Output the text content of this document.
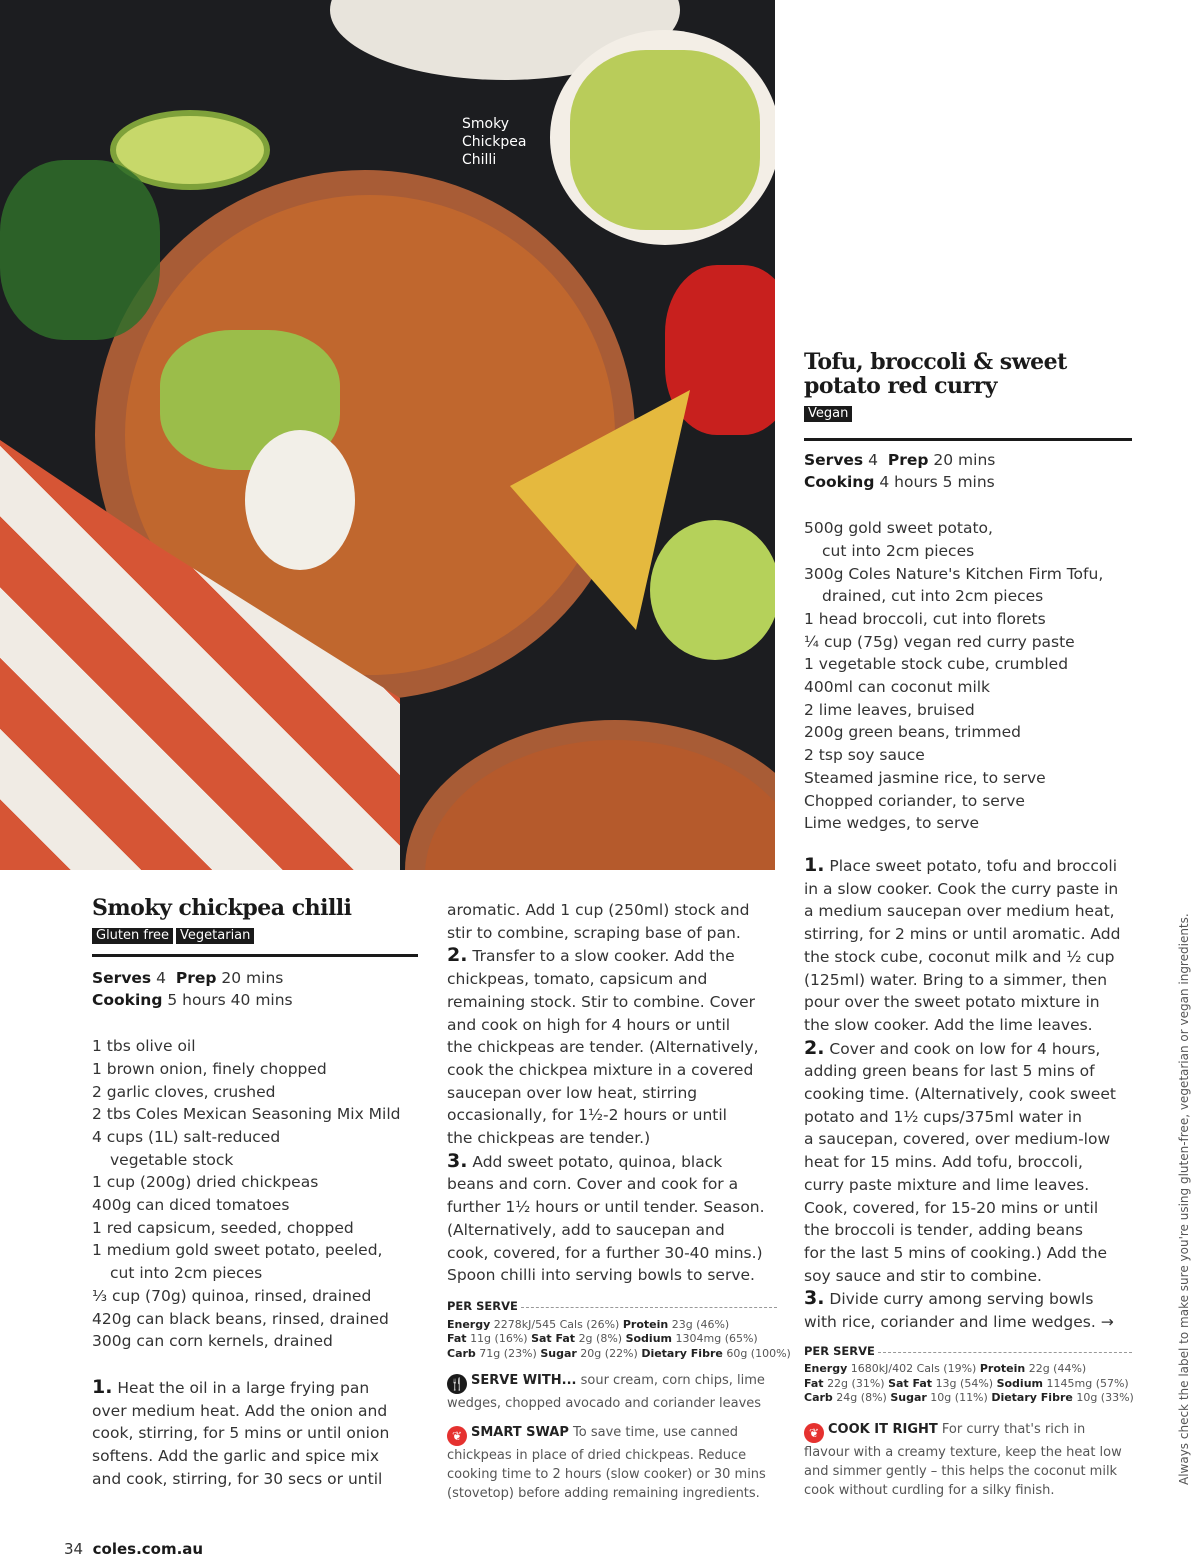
Smoky
Chickpea
Chilli
Tofu, broccoli & sweet
potato red curry
Vegan
Serves 4 Prep 20 mins
Cooking 4 hours 5 mins
500g gold sweet potato,
cut into 2cm pieces
300g Coles Nature's Kitchen Firm Tofu,
drained, cut into 2cm pieces
1 head broccoli, cut into florets
¼ cup (75g) vegan red curry paste
1 vegetable stock cube, crumbled
400ml can coconut milk
2 lime leaves, bruised
200g green beans, trimmed
2 tsp soy sauce
Steamed jasmine rice, to serve
Chopped coriander, to serve
Lime wedges, to serve
1. Place sweet potato, tofu and broccoli
in a slow cooker. Cook the curry paste in
a medium saucepan over medium heat,
stirring, for 2 mins or until aromatic. Add
the stock cube, coconut milk and ½ cup
(125ml) water. Bring to a simmer, then
pour over the sweet potato mixture in
the slow cooker. Add the lime leaves.
2. Cover and cook on low for 4 hours,
adding green beans for last 5 mins of
cooking time. (Alternatively, cook sweet
potato and 1½ cups/375ml water in
a saucepan, covered, over medium-low
heat for 15 mins. Add tofu, broccoli,
curry paste mixture and lime leaves.
Cook, covered, for 15-20 mins or until
the broccoli is tender, adding beans
for the last 5 mins of cooking.) Add the
soy sauce and stir to combine.
3. Divide curry among serving bowls
with rice, coriander and lime wedges. →
PER SERVE
Energy 1680kJ/402 Cals (19%) Protein 22g (44%)
Fat 22g (31%) Sat Fat 13g (54%) Sodium 1145mg (57%)
Carb 24g (8%) Sugar 10g (11%) Dietary Fibre 10g (33%)
❦ COOK IT RIGHT For curry that's rich in flavour with a creamy texture, keep the heat low and simmer gently – this helps the coconut milk cook without curdling for a silky finish.
Smoky chickpea chilli
Gluten free Vegetarian
Serves 4 Prep 20 mins
Cooking 5 hours 40 mins
1 tbs olive oil
1 brown onion, finely chopped
2 garlic cloves, crushed
2 tbs Coles Mexican Seasoning Mix Mild
4 cups (1L) salt-reduced
vegetable stock
1 cup (200g) dried chickpeas
400g can diced tomatoes
1 red capsicum, seeded, chopped
1 medium gold sweet potato, peeled,
cut into 2cm pieces
⅓ cup (70g) quinoa, rinsed, drained
420g can black beans, rinsed, drained
300g can corn kernels, drained
1. Heat the oil in a large frying pan
over medium heat. Add the onion and
cook, stirring, for 5 mins or until onion
softens. Add the garlic and spice mix
and cook, stirring, for 30 secs or until
aromatic. Add 1 cup (250ml) stock and
stir to combine, scraping base of pan.
2. Transfer to a slow cooker. Add the
chickpeas, tomato, capsicum and
remaining stock. Stir to combine. Cover
and cook on high for 4 hours or until
the chickpeas are tender. (Alternatively,
cook the chickpea mixture in a covered
saucepan over low heat, stirring
occasionally, for 1½-2 hours or until
the chickpeas are tender.)
3. Add sweet potato, quinoa, black
beans and corn. Cover and cook for a
further 1½ hours or until tender. Season.
(Alternatively, add to saucepan and
cook, covered, for a further 30-40 mins.)
Spoon chilli into serving bowls to serve.
PER SERVE
Energy 2278kJ/545 Cals (26%) Protein 23g (46%)
Fat 11g (16%) Sat Fat 2g (8%) Sodium 1304mg (65%)
Carb 71g (23%) Sugar 20g (22%) Dietary Fibre 60g (100%)
🍴 SERVE WITH... sour cream, corn chips, lime wedges, chopped avocado and coriander leaves
❦ SMART SWAP To save time, use canned chickpeas in place of dried chickpeas. Reduce cooking time to 2 hours (slow cooker) or 30 mins (stovetop) before adding remaining ingredients.
Always check the label to make sure you're using gluten-free, vegetarian or vegan ingredients.
34 coles.com.au
